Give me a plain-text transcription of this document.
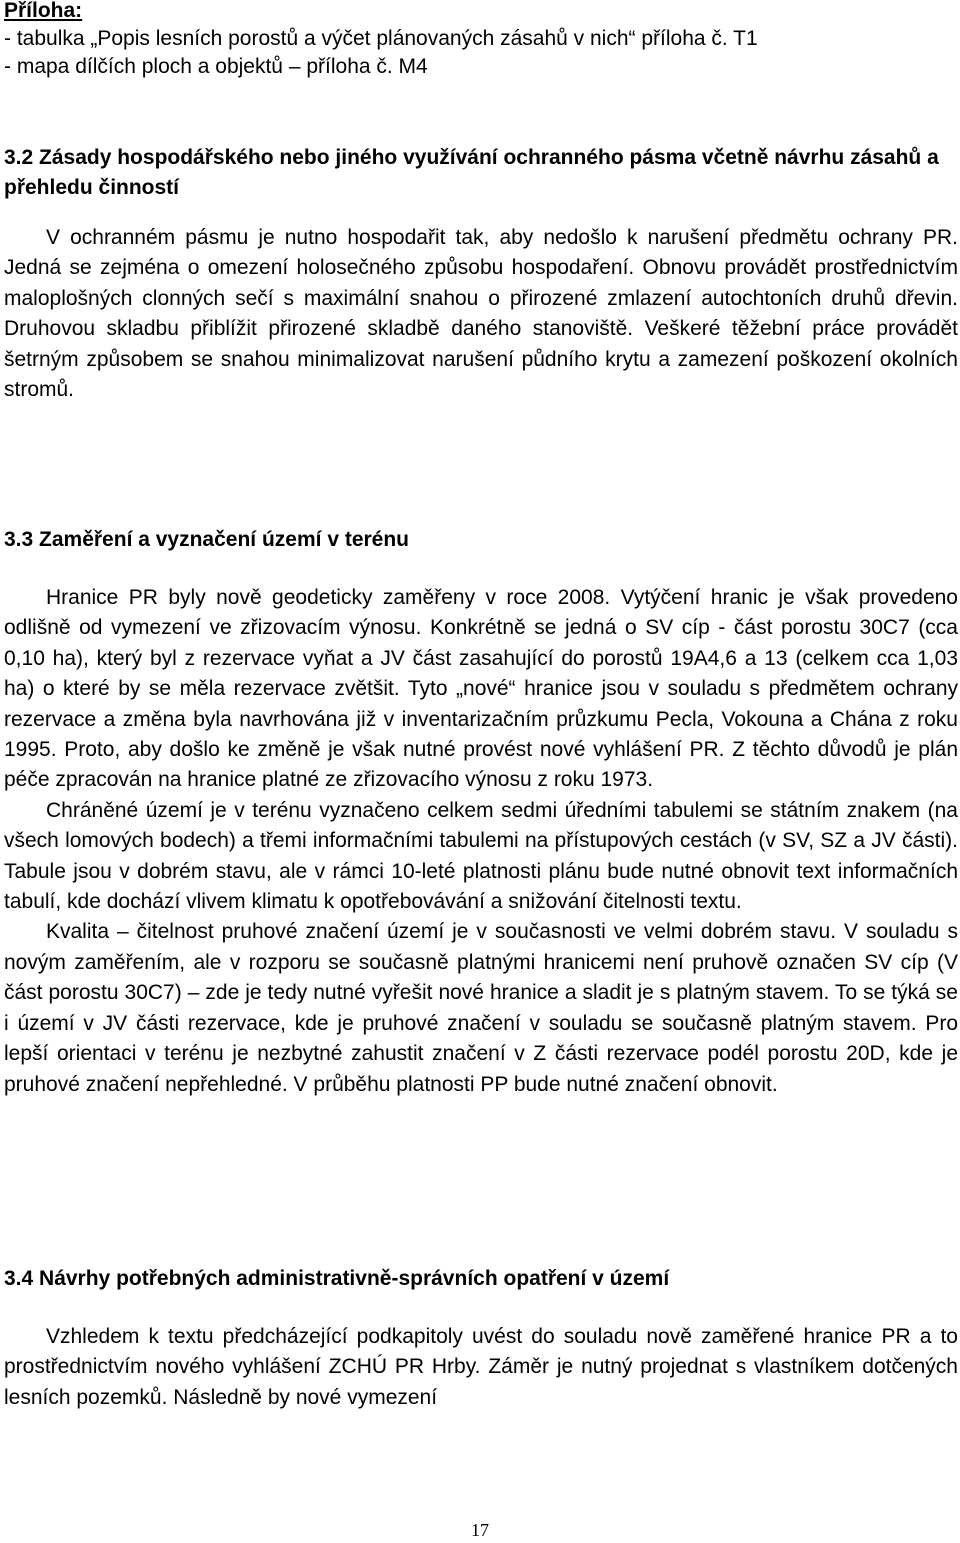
Příloha:

- tabulka „Popis lesních porostů a výčet plánovaných zásahů v nich“ příloha č. T1

- mapa dílčích ploch a objektů – příloha č. M4

3.2 Zásady hospodářského nebo jiného využívání ochranného pásma včetně návrhu zásahů a přehledu činností

V ochranném pásmu je nutno hospodařit tak, aby nedošlo k narušení předmětu ochrany PR. Jedná se zejména o omezení holosečného způsobu hospodaření. Obnovu provádět prostřednictvím maloplošných clonných sečí s maximální snahou o přirozené zmlazení autochtoních druhů dřevin. Druhovou skladbu přiblížit přirozené skladbě daného stanoviště. Veškeré těžební práce provádět šetrným způsobem se snahou minimalizovat narušení půdního krytu a zamezení poškození okolních stromů.

3.3 Zaměření a vyznačení území v terénu

Hranice PR byly nově geodeticky zaměřeny v roce 2008. Vytýčení hranic je však provedeno odlišně od vymezení ve zřizovacím výnosu. Konkrétně se jedná o SV cíp - část porostu 30C7 (cca 0,10 ha), který byl z rezervace vyňat a JV část zasahující do porostů 19A4,6 a 13 (celkem cca 1,03 ha) o které by se měla rezervace zvětšit. Tyto „nové“ hranice jsou v souladu s předmětem ochrany rezervace a změna byla navrhována již v inventarizačním průzkumu Pecla, Vokouna a Chána z roku 1995. Proto, aby došlo ke změně je však nutné provést nové vyhlášení PR. Z těchto důvodů je plán péče zpracován na hranice platné ze zřizovacího výnosu z roku 1973.

Chráněné území je v terénu vyznačeno celkem sedmi úředními tabulemi se státním znakem (na všech lomových bodech) a třemi informačními tabulemi na přístupových cestách (v SV, SZ a JV části). Tabule jsou v dobrém stavu, ale v rámci 10-leté platnosti plánu bude nutné obnovit text informačních tabulí, kde dochází vlivem klimatu k opotřebovávání a snižování čitelnosti textu.

Kvalita – čitelnost pruhové značení území je v současnosti ve velmi dobrém stavu. V souladu s novým zaměřením, ale v rozporu se současně platnými hranicemi není pruhově označen SV cíp (V část porostu 30C7) – zde je tedy nutné vyřešit nové hranice a sladit je s platným stavem. To se týká se i území v JV části rezervace, kde je pruhové značení v souladu se současně platným stavem. Pro lepší orientaci v terénu je nezbytné zahustit značení v Z části rezervace podél porostu 20D, kde je pruhové značení nepřehledné. V průběhu platnosti PP bude nutné značení obnovit.

3.4 Návrhy potřebných administrativně-správních opatření v území

Vzhledem k textu předcházející podkapitoly uvést do souladu nově zaměřené hranice PR a to prostřednictvím nového vyhlášení ZCHÚ PR Hrby. Záměr je nutný projednat s vlastníkem dotčených lesních pozemků. Následně by nové vymezení

17
